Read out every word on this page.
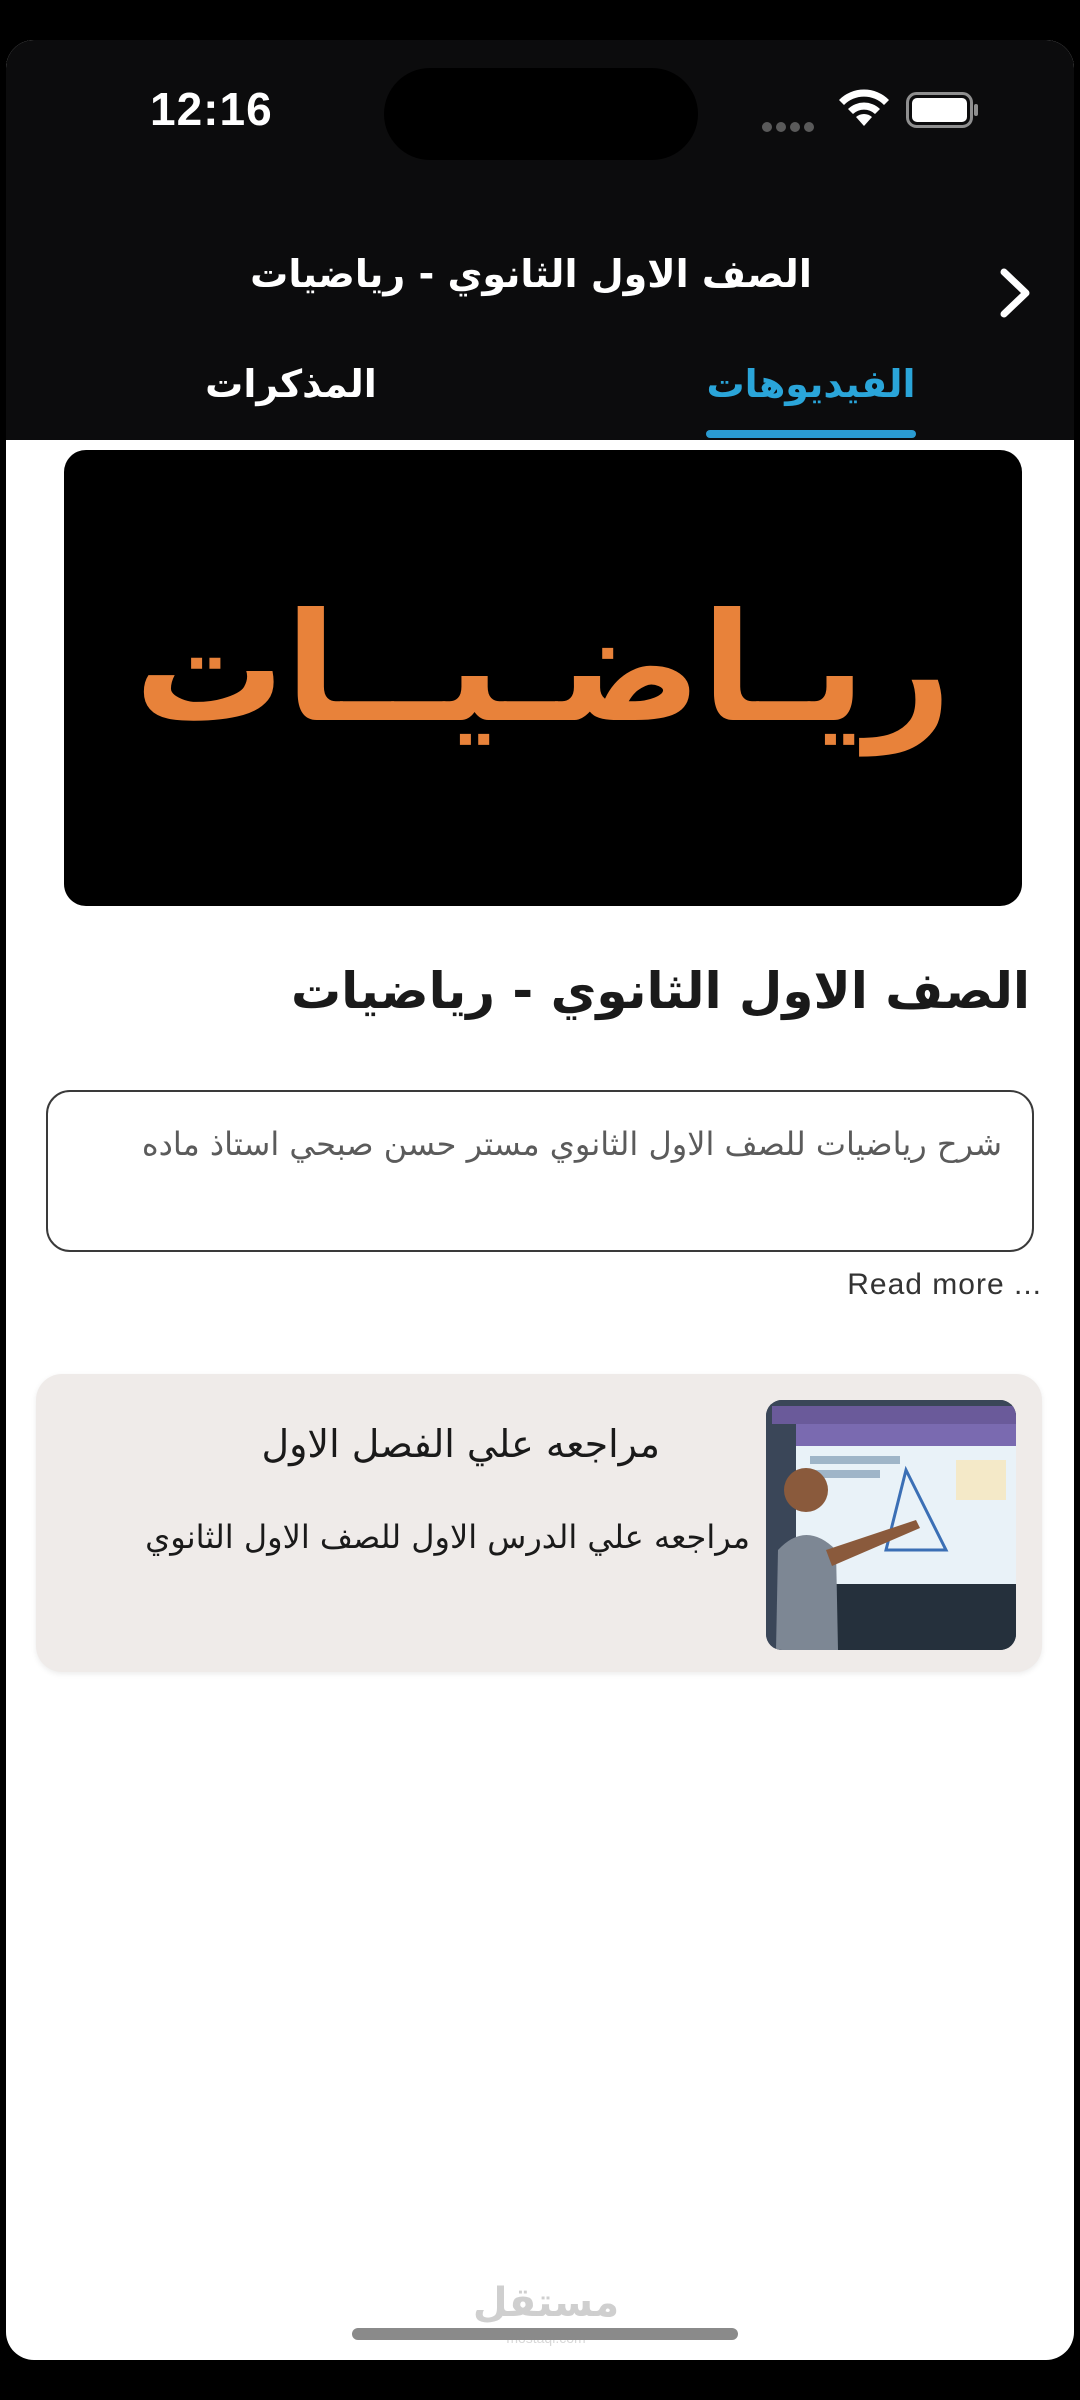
12:16
الصف الاول الثانوي - رياضيات
الفيديوهات
المذكرات
ريـاضـيــات
الصف الاول الثانوي - رياضيات
شرح رياضيات للصف الاول الثانوي مستر حسن صبحي استاذ ماده
Read more ...
مراجعه علي الفصل الاول
مراجعه علي الدرس الاول للصف الاول الثانوي
مستقل
